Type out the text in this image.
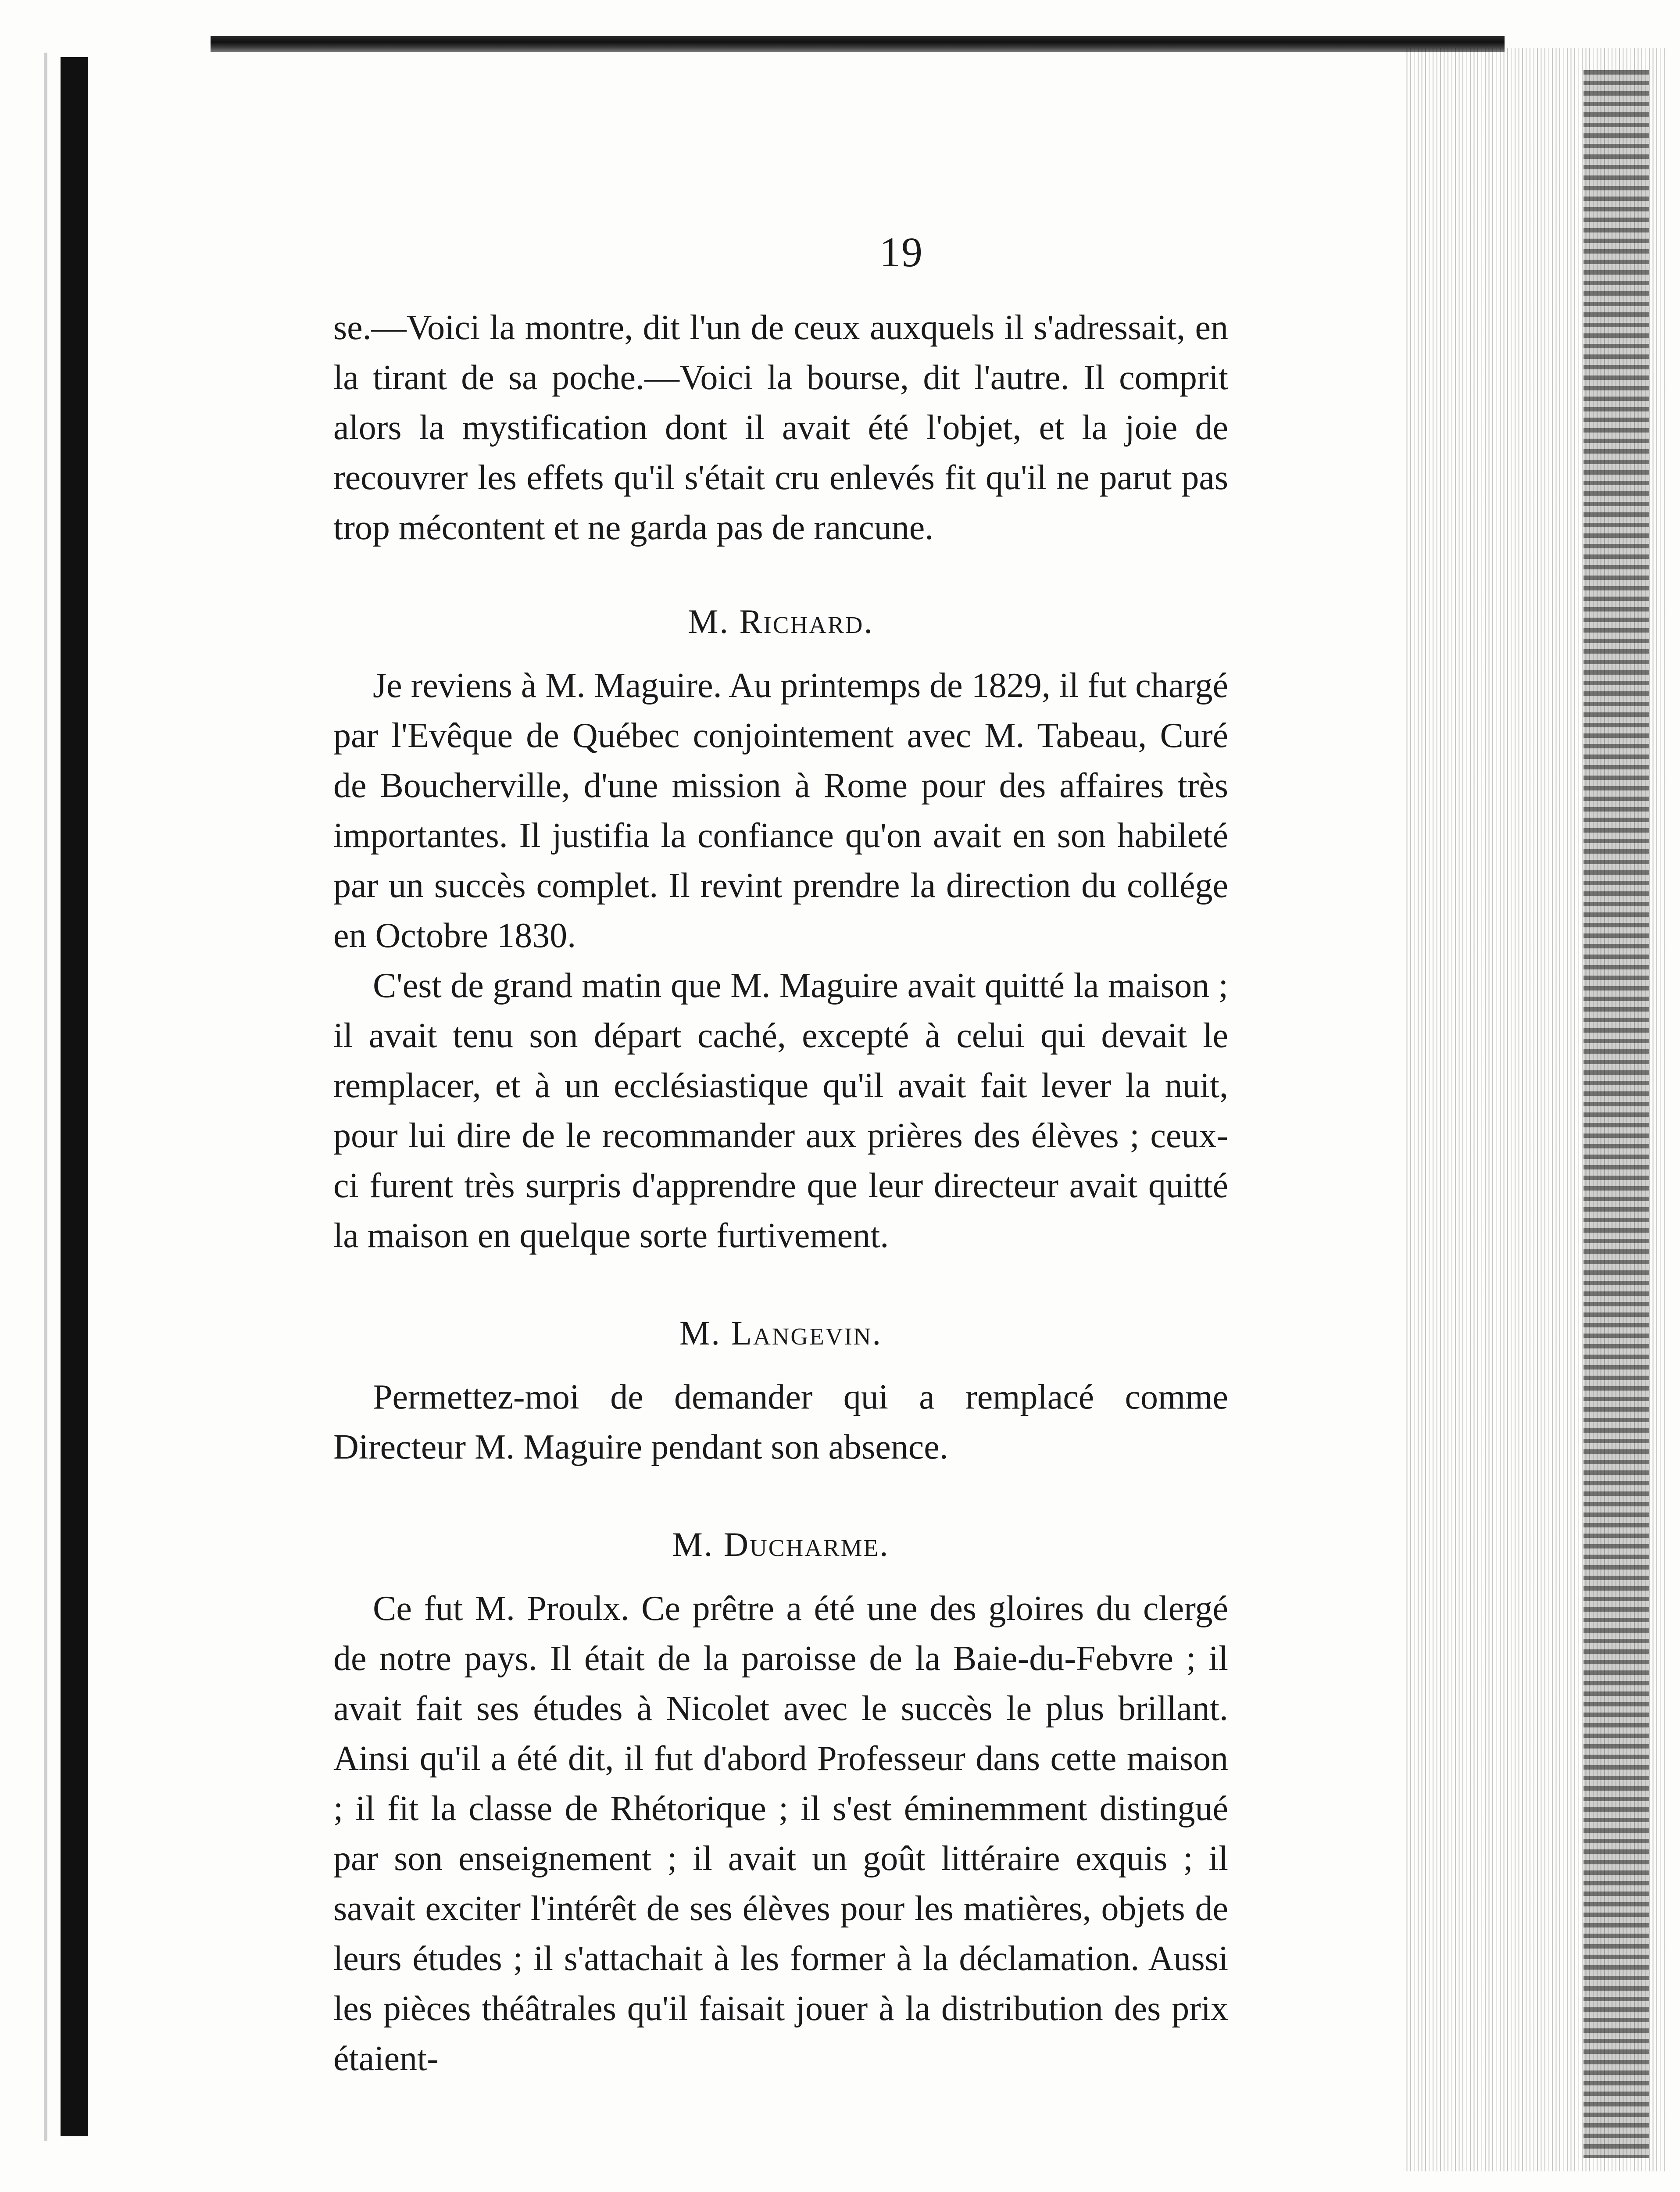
19

se.—Voici la montre, dit l'un de ceux auxquels il s'adressait, en la tirant de sa poche.—Voici la bourse, dit l'autre. Il comprit alors la mystification dont il avait été l'objet, et la joie de recouvrer les effets qu'il s'était cru enlevés fit qu'il ne parut pas trop mécontent et ne garda pas de rancune.

M. Richard.

Je reviens à M. Maguire. Au printemps de 1829, il fut chargé par l'Evêque de Québec conjointement avec M. Tabeau, Curé de Boucherville, d'une mission à Rome pour des affaires très importantes. Il justifia la confiance qu'on avait en son habileté par un succès complet. Il revint prendre la direction du collége en Octobre 1830.

C'est de grand matin que M. Maguire avait quitté la maison ; il avait tenu son départ caché, excepté à celui qui devait le remplacer, et à un ecclésiastique qu'il avait fait lever la nuit, pour lui dire de le recommander aux prières des élèves ; ceux-ci furent très surpris d'apprendre que leur directeur avait quitté la maison en quelque sorte furtivement.

M. Langevin.

Permettez-moi de demander qui a remplacé comme Directeur M. Maguire pendant son absence.

M. Ducharme.

Ce fut M. Proulx. Ce prêtre a été une des gloires du clergé de notre pays. Il était de la paroisse de la Baie-du-Febvre ; il avait fait ses études à Nicolet avec le succès le plus brillant. Ainsi qu'il a été dit, il fut d'abord Professeur dans cette maison ; il fit la classe de Rhétorique ; il s'est éminemment distingué par son enseignement ; il avait un goût littéraire exquis ; il savait exciter l'intérêt de ses élèves pour les matières, objets de leurs études ; il s'attachait à les former à la déclamation. Aussi les pièces théâtrales qu'il faisait jouer à la distribution des prix étaient-
